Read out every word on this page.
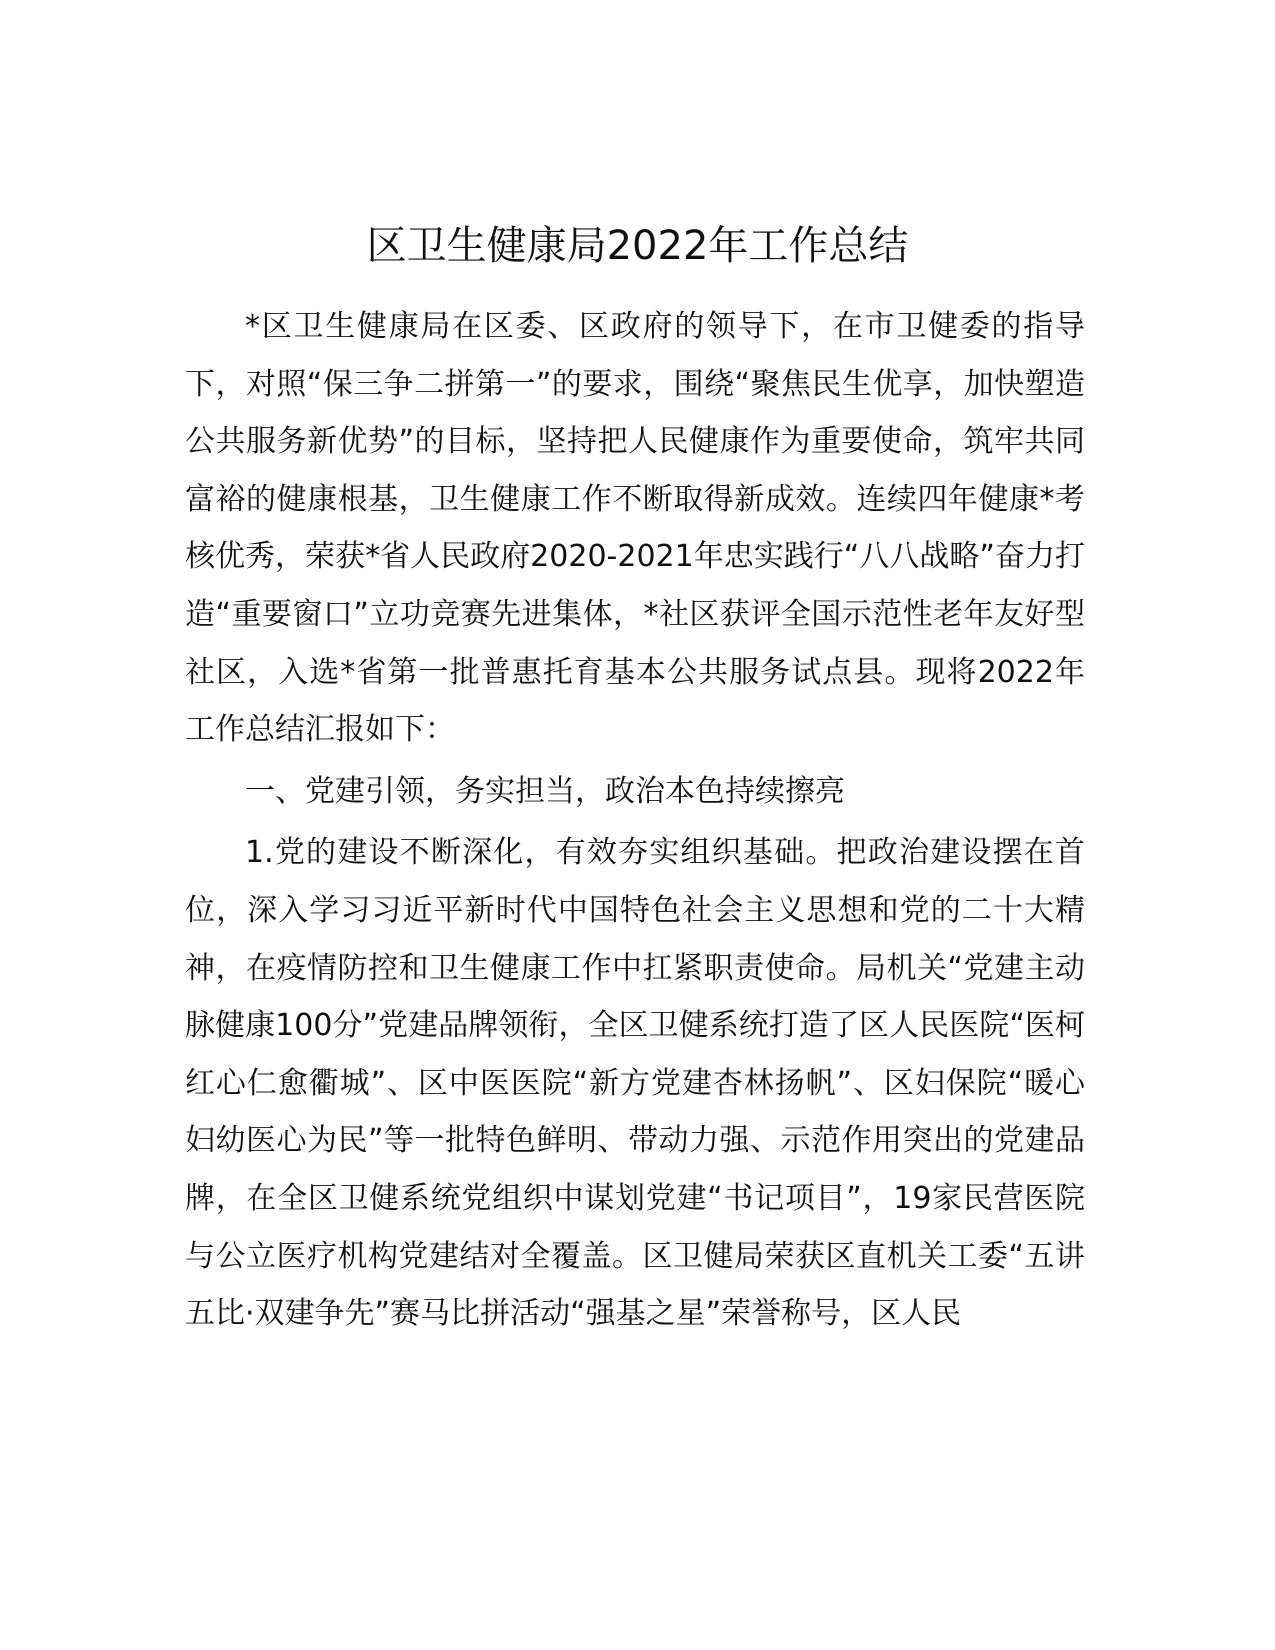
区卫生健康局2022年工作总结

*区卫生健康局在区委、区政府的领导下，在市卫健委的指导下，对照“保三争二拼第一”的要求，围绕“聚焦民生优享，加快塑造公共服务新优势”的目标，坚持把人民健康作为重要使命，筑牢共同富裕的健康根基，卫生健康工作不断取得新成效。连续四年健康*考核优秀，荣获*省人民政府2020-2021年忠实践行“八八战略”奋力打造“重要窗口”立功竞赛先进集体，*社区获评全国示范性老年友好型社区，入选*省第一批普惠托育基本公共服务试点县。现将2022年工作总结汇报如下：

一、党建引领，务实担当，政治本色持续擦亮

1.党的建设不断深化，有效夯实组织基础。把政治建设摆在首位，深入学习习近平新时代中国特色社会主义思想和党的二十大精神，在疫情防控和卫生健康工作中扛紧职责使命。局机关“党建主动脉健康100分”党建品牌领衔，全区卫健系统打造了区人民医院“医柯红心仁愈衢城”、区中医医院“新方党建杏林扬帆”、区妇保院“暖心妇幼医心为民”等一批特色鲜明、带动力强、示范作用突出的党建品牌，在全区卫健系统党组织中谋划党建“书记项目”，19家民营医院与公立医疗机构党建结对全覆盖。区卫健局荣获区直机关工委“五讲五比·双建争先”赛马比拼活动“强基之星”荣誉称号，区人民
